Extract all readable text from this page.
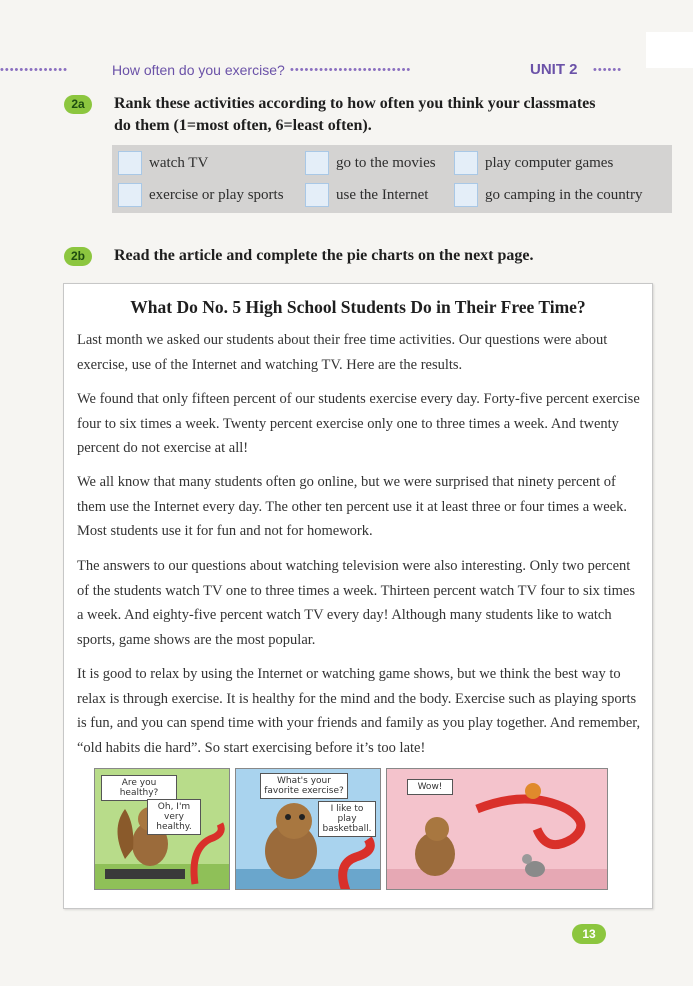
••••••••••••••	How often do you exercise? •••••••••••••••••••••••••	UNIT 2 ••••••
2a	Rank these activities according to how often you think your classmates
do them (1=most often, 6=least often).
watch TV	go to the movies	play computer games
exercise or play sports	use the Internet	go camping in the country
2b	Read the article and complete the pie charts on the next page.
What Do No. 5 High School Students Do in Their Free Time?

Last month we asked our students about their free time activities. Our questions were about exercise, use of the Internet and watching TV. Here are the results.

We found that only fifteen percent of our students exercise every day. Forty-five percent exercise four to six times a week. Twenty percent exercise only one to three times a week. And twenty percent do not exercise at all!

We all know that many students often go online, but we were surprised that ninety percent of them use the Internet every day. The other ten percent use it at least three or four times a week. Most students use it for fun and not for homework.

The answers to our questions about watching television were also interesting. Only two percent of the students watch TV one to three times a week. Thirteen percent watch TV four to six times a week. And eighty-five percent watch TV every day! Although many students like to watch sports, game shows are the most popular.

It is good to relax by using the Internet or watching game shows, but we think the best way to relax is through exercise. It is healthy for the mind and the body. Exercise such as playing sports is fun, and you can spend time with your friends and family as you play together. And remember, “old habits die hard”. So start exercising before it’s too late!

Are you healthy?
Oh, I'm very healthy.
What's your favorite exercise?
I like to play basketball.
Wow!
13
